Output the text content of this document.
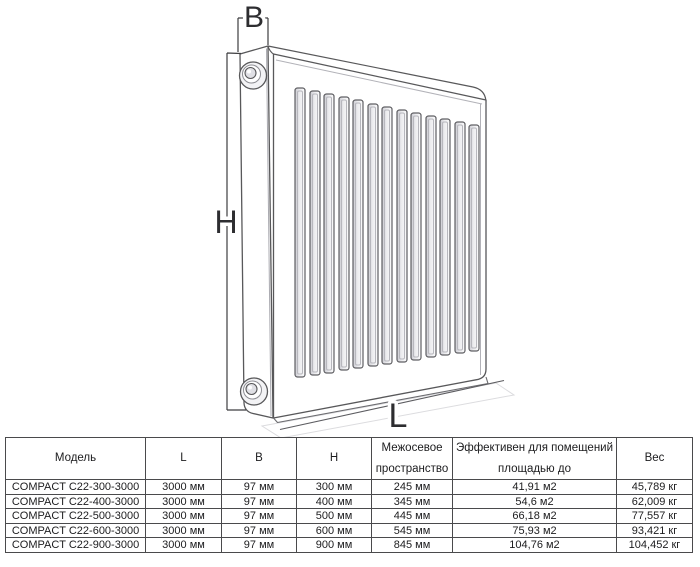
H
B
L
Модель	L	B	H	Межосевое пространство	Эффективен для помещений площадью до	Вес
COMPACT C22-300-3000	3000 мм	97 мм	300 мм	245 мм	41,91 м2	45,789 кг
COMPACT C22-400-3000	3000 мм	97 мм	400 мм	345 мм	54,6 м2	62,009 кг
COMPACT C22-500-3000	3000 мм	97 мм	500 мм	445 мм	66,18 м2	77,557 кг
COMPACT C22-600-3000	3000 мм	97 мм	600 мм	545 мм	75,93 м2	93,421 кг
COMPACT C22-900-3000	3000 мм	97 мм	900 мм	845 мм	104,76 м2	104,452 кг
